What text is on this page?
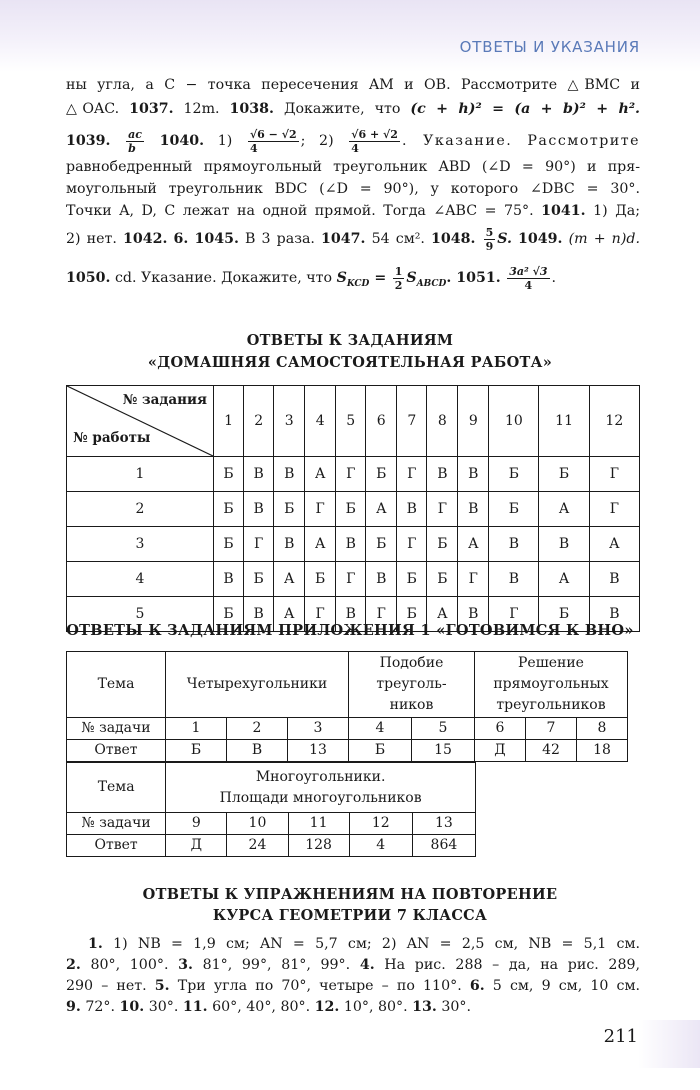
ОТВЕТЫ И УКАЗАНИЯ

ны угла, а C − точка пересечения AM и OB. Рассмотрите △BMC и

△OAC. 1037. 12m. 1038. Докажите, что (c + h)² = (a + b)² + h².

1039. $\frac{ac}{b} 1040$. $1) \frac{√6 - √2}{4}$ ; $2) \frac{√6 + √2}{4}$ . Указание. Рассмотрите

равнобедренный прямоугольный треугольник ABD (∠D = 90°) и пря-

моугольный треугольник BDC (∠D = 90°), у которого ∠DBC = 30°.

Точки A, D, C лежат на одной прямой. Тогда ∠ABC = 75°. 1041. 1) Да;

2) нет. 1042. 6. 1045. В 3 раза. 1047. 54 см². 1048. $\frac{5}{9} S$. 1049. (m + n)d.

1050. cd. Указание. Докажите, что $S_{KCD} = \frac{1}{2} S_{ABCD}$. 1051. $\frac{\text{3a² √3}}{4}$ .

ОТВЕТЫ К ЗАДАНИЯМ
«ДОМАШНЯЯ САМОСТОЯТЕЛЬНАЯ РАБОТА»
№ задания
№ работы	1	2	3	4	5	6	7	8	9	10	11	12
1	Б	В	В	А	Г	Б	Г	В	В	Б	Б	Г
2	Б	В	Б	Г	Б	А	В	Г	В	Б	А	Г
3	Б	Г	В	А	В	Б	Г	Б	А	В	В	А
4	В	Б	А	Б	Г	В	Б	Б	Г	В	А	В
5	Б	В	А	Г	В	Г	Б	А	В	Г	Б	В
ОТВЕТЫ К ЗАДАНИЯМ ПРИЛОЖЕНИЯ 1 «ГОТОВИМСЯ К ВНО»
Тема	Четырехугольники			Подобие
треуголь-
ников		Решение
прямоугольных
треугольников		
№ задачи	1	2	3	4	5	6	7	8
Ответ	Б	В	13	Б	15	Д	42	18
Тема	Многоугольники.
Площади многоугольников				
№ задачи	9	10	11	12	13
Ответ	Д	24	128	4	864
ОТВЕТЫ К УПРАЖНЕНИЯМ НА ПОВТОРЕНИЕ
КУРСА ГЕОМЕТРИИ 7 КЛАССА

1. 1) NB = 1,9 см; AN = 5,7 см; 2) AN = 2,5 см, NB = 5,1 см.

2. 80°, 100°. 3. 81°, 99°, 81°, 99°. 4. На рис. 288 – да, на рис. 289,

290 – нет. 5. Три угла по 70°, четыре – по 110°. 6. 5 см, 9 см, 10 см.

9. 72°. 10. 30°. 11. 60°, 40°, 80°. 12. 10°, 80°. 13. 30°.

211
